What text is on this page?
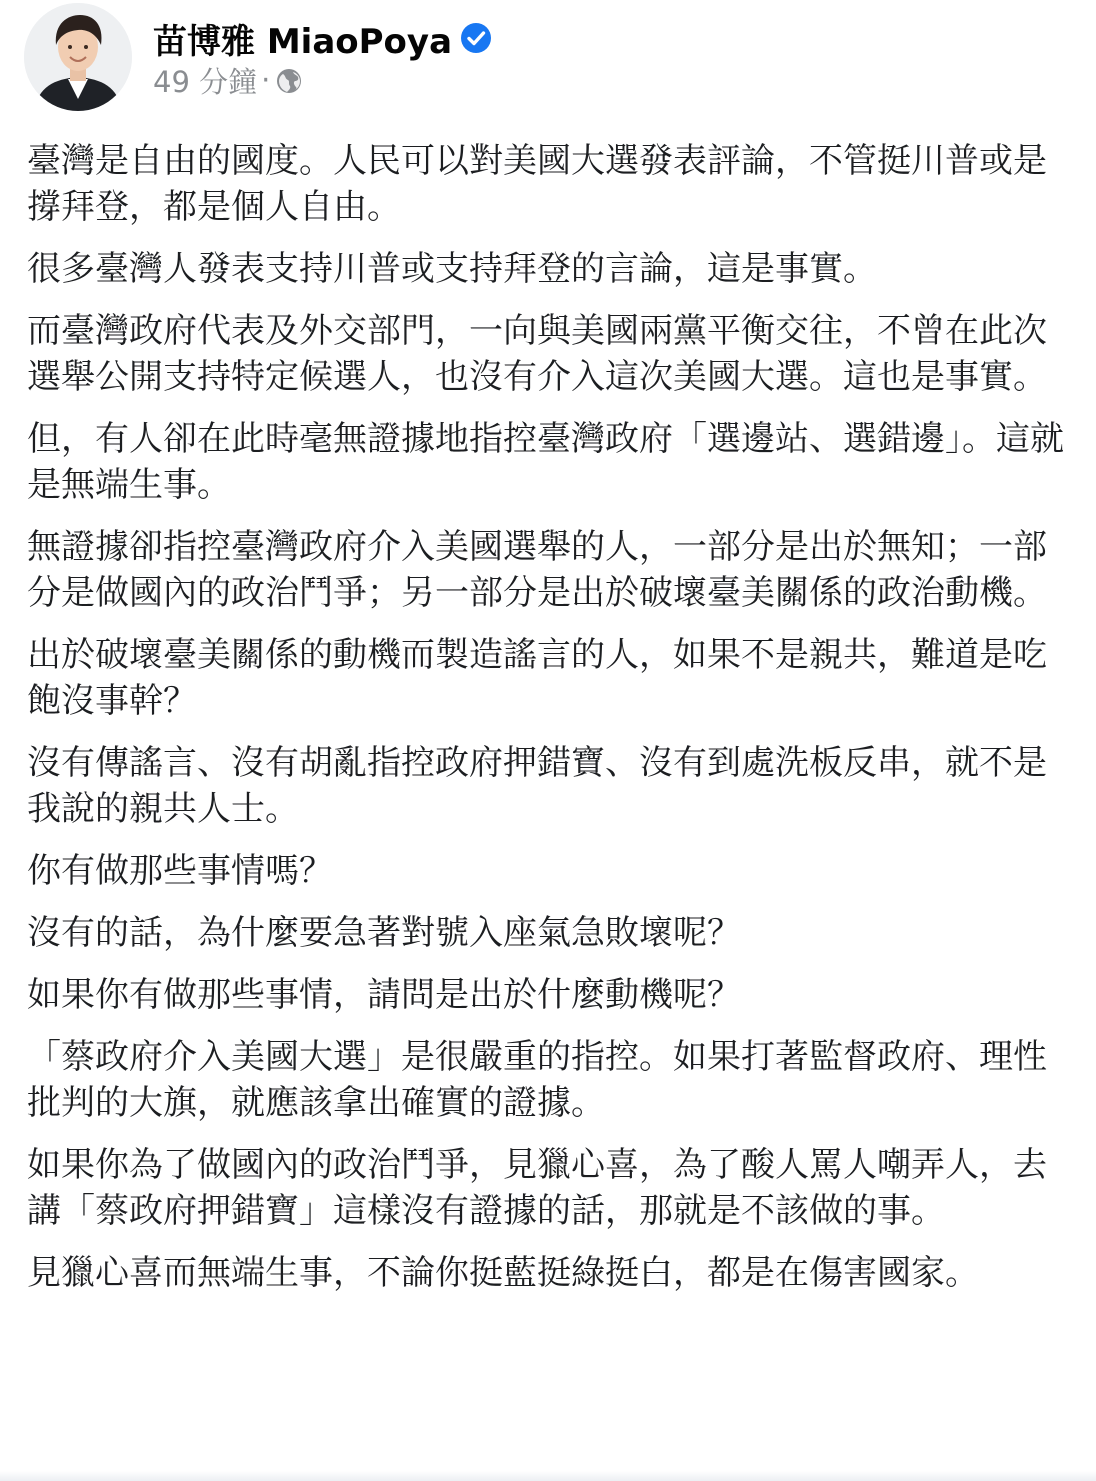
苗博雅 MiaoPoya
49 分鐘 ·

臺灣是自由的國度。人民可以對美國大選發表評論，不管挺川普或是撐拜登，都是個人自由。

很多臺灣人發表支持川普或支持拜登的言論，這是事實。

而臺灣政府代表及外交部門，一向與美國兩黨平衡交往，不曾在此次選舉公開支持特定候選人，也沒有介入這次美國大選。這也是事實。

但，有人卻在此時毫無證據地指控臺灣政府「選邊站、選錯邊」。這就是無端生事。

無證據卻指控臺灣政府介入美國選舉的人，一部分是出於無知；一部分是做國內的政治鬥爭；另一部分是出於破壞臺美關係的政治動機。

出於破壞臺美關係的動機而製造謠言的人，如果不是親共，難道是吃飽沒事幹？

沒有傳謠言、沒有胡亂指控政府押錯寶、沒有到處洗板反串，就不是我說的親共人士。

你有做那些事情嗎？

沒有的話，為什麼要急著對號入座氣急敗壞呢？

如果你有做那些事情，請問是出於什麼動機呢？

「蔡政府介入美國大選」是很嚴重的指控。如果打著監督政府、理性批判的大旗，就應該拿出確實的證據。

如果你為了做國內的政治鬥爭，見獵心喜，為了酸人罵人嘲弄人，去講「蔡政府押錯寶」這樣沒有證據的話，那就是不該做的事。

見獵心喜而無端生事，不論你挺藍挺綠挺白，都是在傷害國家。
